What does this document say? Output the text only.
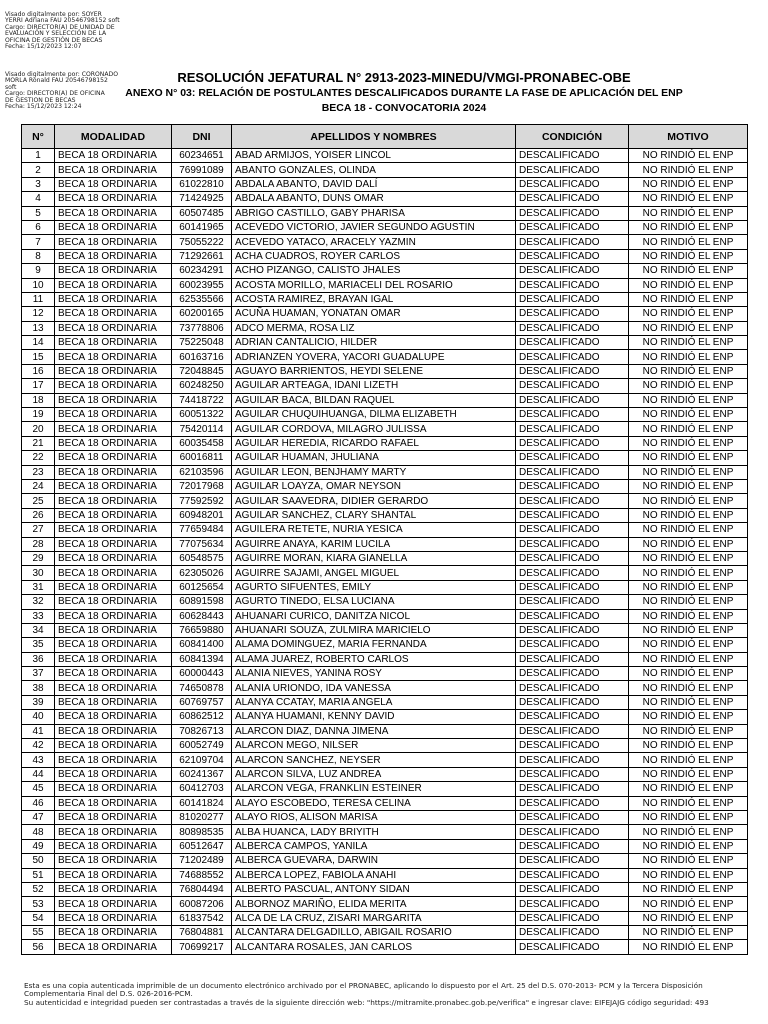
Visado digitalmente por: SOYER
YERRI Adriana FAU 20546798152 soft
Cargo: DIRECTOR(A) DE UNIDAD DE
EVALUACIÓN Y SELECCIÓN DE LA
OFICINA DE GESTIÓN DE BECAS
Fecha: 15/12/2023 12:07
Visado digitalmente por: CORONADO
MORLA Ronald FAU 20546798152
soft
Cargo: DIRECTOR(A) DE OFICINA
DE GESTION DE BECAS
Fecha: 15/12/2023 12:24
RESOLUCIÓN JEFATURAL N° 2913-2023-MINEDU/VMGI-PRONABEC-OBE
ANEXO N° 03: RELACIÓN DE POSTULANTES DESCALIFICADOS DURANTE LA FASE DE APLICACIÓN DEL ENP
BECA 18 - CONVOCATORIA 2024
N°	MODALIDAD	DNI	APELLIDOS Y NOMBRES	CONDICIÓN	MOTIVO
1	BECA 18 ORDINARIA	60234651	ABAD ARMIJOS, YOISER LINCOL	DESCALIFICADO	NO RINDIÓ EL ENP
2	BECA 18 ORDINARIA	76991089	ABANTO GONZALES, OLINDA	DESCALIFICADO	NO RINDIÓ EL ENP
3	BECA 18 ORDINARIA	61022810	ABDALA ABANTO, DAVID DALÍ	DESCALIFICADO	NO RINDIÓ EL ENP
4	BECA 18 ORDINARIA	71424925	ABDALA ABANTO, DUNS OMAR	DESCALIFICADO	NO RINDIÓ EL ENP
5	BECA 18 ORDINARIA	60507485	ABRIGO CASTILLO, GABY PHARISA	DESCALIFICADO	NO RINDIÓ EL ENP
6	BECA 18 ORDINARIA	60141965	ACEVEDO VICTORIO, JAVIER SEGUNDO AGUSTIN	DESCALIFICADO	NO RINDIÓ EL ENP
7	BECA 18 ORDINARIA	75055222	ACEVEDO YATACO, ARACELY YAZMIN	DESCALIFICADO	NO RINDIÓ EL ENP
8	BECA 18 ORDINARIA	71292661	ACHA CUADROS, ROYER CARLOS	DESCALIFICADO	NO RINDIÓ EL ENP
9	BECA 18 ORDINARIA	60234291	ACHO PIZANGO, CALISTO JHALES	DESCALIFICADO	NO RINDIÓ EL ENP
10	BECA 18 ORDINARIA	60023955	ACOSTA MORILLO, MARIACELI DEL ROSARIO	DESCALIFICADO	NO RINDIÓ EL ENP
11	BECA 18 ORDINARIA	62535566	ACOSTA RAMIREZ, BRAYAN IGAL	DESCALIFICADO	NO RINDIÓ EL ENP
12	BECA 18 ORDINARIA	60200165	ACUÑA HUAMAN, YONATAN OMAR	DESCALIFICADO	NO RINDIÓ EL ENP
13	BECA 18 ORDINARIA	73778806	ADCO MERMA, ROSA LIZ	DESCALIFICADO	NO RINDIÓ EL ENP
14	BECA 18 ORDINARIA	75225048	ADRIAN CANTALICIO, HILDER	DESCALIFICADO	NO RINDIÓ EL ENP
15	BECA 18 ORDINARIA	60163716	ADRIANZEN YOVERA, YACORI GUADALUPE	DESCALIFICADO	NO RINDIÓ EL ENP
16	BECA 18 ORDINARIA	72048845	AGUAYO BARRIENTOS, HEYDI SELENE	DESCALIFICADO	NO RINDIÓ EL ENP
17	BECA 18 ORDINARIA	60248250	AGUILAR ARTEAGA, IDANI LIZETH	DESCALIFICADO	NO RINDIÓ EL ENP
18	BECA 18 ORDINARIA	74418722	AGUILAR BACA, BILDAN RAQUEL	DESCALIFICADO	NO RINDIÓ EL ENP
19	BECA 18 ORDINARIA	60051322	AGUILAR CHUQUIHUANGA, DILMA ELIZABETH	DESCALIFICADO	NO RINDIÓ EL ENP
20	BECA 18 ORDINARIA	75420114	AGUILAR CORDOVA, MILAGRO JULISSA	DESCALIFICADO	NO RINDIÓ EL ENP
21	BECA 18 ORDINARIA	60035458	AGUILAR HEREDIA, RICARDO RAFAEL	DESCALIFICADO	NO RINDIÓ EL ENP
22	BECA 18 ORDINARIA	60016811	AGUILAR HUAMAN, JHULIANA	DESCALIFICADO	NO RINDIÓ EL ENP
23	BECA 18 ORDINARIA	62103596	AGUILAR LEON, BENJHAMY MARTY	DESCALIFICADO	NO RINDIÓ EL ENP
24	BECA 18 ORDINARIA	72017968	AGUILAR LOAYZA, OMAR NEYSON	DESCALIFICADO	NO RINDIÓ EL ENP
25	BECA 18 ORDINARIA	77592592	AGUILAR SAAVEDRA, DIDIER GERARDO	DESCALIFICADO	NO RINDIÓ EL ENP
26	BECA 18 ORDINARIA	60948201	AGUILAR SANCHEZ, CLARY SHANTAL	DESCALIFICADO	NO RINDIÓ EL ENP
27	BECA 18 ORDINARIA	77659484	AGUILERA RETETE, NURIA YESICA	DESCALIFICADO	NO RINDIÓ EL ENP
28	BECA 18 ORDINARIA	77075634	AGUIRRE ANAYA, KARIM LUCILA	DESCALIFICADO	NO RINDIÓ EL ENP
29	BECA 18 ORDINARIA	60548575	AGUIRRE MORAN, KIARA GIANELLA	DESCALIFICADO	NO RINDIÓ EL ENP
30	BECA 18 ORDINARIA	62305026	AGUIRRE SAJAMI, ANGEL MIGUEL	DESCALIFICADO	NO RINDIÓ EL ENP
31	BECA 18 ORDINARIA	60125654	AGURTO SIFUENTES, EMILY	DESCALIFICADO	NO RINDIÓ EL ENP
32	BECA 18 ORDINARIA	60891598	AGURTO TINEDO, ELSA LUCIANA	DESCALIFICADO	NO RINDIÓ EL ENP
33	BECA 18 ORDINARIA	60628443	AHUANARI CURICO, DANITZA NICOL	DESCALIFICADO	NO RINDIÓ EL ENP
34	BECA 18 ORDINARIA	76659880	AHUANARI SOUZA, ZULMIRA MARICIELO	DESCALIFICADO	NO RINDIÓ EL ENP
35	BECA 18 ORDINARIA	60841400	ALAMA DOMINGUEZ, MARIA FERNANDA	DESCALIFICADO	NO RINDIÓ EL ENP
36	BECA 18 ORDINARIA	60841394	ALAMA JUAREZ, ROBERTO CARLOS	DESCALIFICADO	NO RINDIÓ EL ENP
37	BECA 18 ORDINARIA	60000443	ALANIA NIEVES, YANINA ROSY	DESCALIFICADO	NO RINDIÓ EL ENP
38	BECA 18 ORDINARIA	74650878	ALANIA URIONDO, IDA VANESSA	DESCALIFICADO	NO RINDIÓ EL ENP
39	BECA 18 ORDINARIA	60769757	ALANYA CCATAY, MARIA ANGELA	DESCALIFICADO	NO RINDIÓ EL ENP
40	BECA 18 ORDINARIA	60862512	ALANYA HUAMANI, KENNY DAVID	DESCALIFICADO	NO RINDIÓ EL ENP
41	BECA 18 ORDINARIA	70826713	ALARCON DIAZ, DANNA JIMENA	DESCALIFICADO	NO RINDIÓ EL ENP
42	BECA 18 ORDINARIA	60052749	ALARCON MEGO, NILSER	DESCALIFICADO	NO RINDIÓ EL ENP
43	BECA 18 ORDINARIA	62109704	ALARCON SANCHEZ, NEYSER	DESCALIFICADO	NO RINDIÓ EL ENP
44	BECA 18 ORDINARIA	60241367	ALARCON SILVA, LUZ ANDREA	DESCALIFICADO	NO RINDIÓ EL ENP
45	BECA 18 ORDINARIA	60412703	ALARCON VEGA, FRANKLIN ESTEINER	DESCALIFICADO	NO RINDIÓ EL ENP
46	BECA 18 ORDINARIA	60141824	ALAYO ESCOBEDO, TERESA CELINA	DESCALIFICADO	NO RINDIÓ EL ENP
47	BECA 18 ORDINARIA	81020277	ALAYO RIOS, ALISON MARISA	DESCALIFICADO	NO RINDIÓ EL ENP
48	BECA 18 ORDINARIA	80898535	ALBA HUANCA, LADY BRIYITH	DESCALIFICADO	NO RINDIÓ EL ENP
49	BECA 18 ORDINARIA	60512647	ALBERCA CAMPOS, YANILA	DESCALIFICADO	NO RINDIÓ EL ENP
50	BECA 18 ORDINARIA	71202489	ALBERCA GUEVARA, DARWIN	DESCALIFICADO	NO RINDIÓ EL ENP
51	BECA 18 ORDINARIA	74688552	ALBERCA LOPEZ, FABIOLA ANAHI	DESCALIFICADO	NO RINDIÓ EL ENP
52	BECA 18 ORDINARIA	76804494	ALBERTO PASCUAL, ANTONY SIDAN	DESCALIFICADO	NO RINDIÓ EL ENP
53	BECA 18 ORDINARIA	60087206	ALBORNOZ MARIÑO, ELIDA MERITA	DESCALIFICADO	NO RINDIÓ EL ENP
54	BECA 18 ORDINARIA	61837542	ALCA DE LA CRUZ, ZISARI MARGARITA	DESCALIFICADO	NO RINDIÓ EL ENP
55	BECA 18 ORDINARIA	76804881	ALCANTARA DELGADILLO, ABIGAIL ROSARIO	DESCALIFICADO	NO RINDIÓ EL ENP
56	BECA 18 ORDINARIA	70699217	ALCANTARA ROSALES, JAN CARLOS	DESCALIFICADO	NO RINDIÓ EL ENP
Esta es una copia autenticada imprimible de un documento electrónico archivado por el PRONABEC, aplicando lo dispuesto por el Art. 25 del D.S. 070-2013- PCM y la Tercera Disposición Complementaria Final del D.S. 026-2016-PCM.
Su autenticidad e integridad pueden ser contrastadas a través de la siguiente dirección web: "https://mitramite.pronabec.gob.pe/verifica" e ingresar clave: EIFEJAJG código seguridad: 493
